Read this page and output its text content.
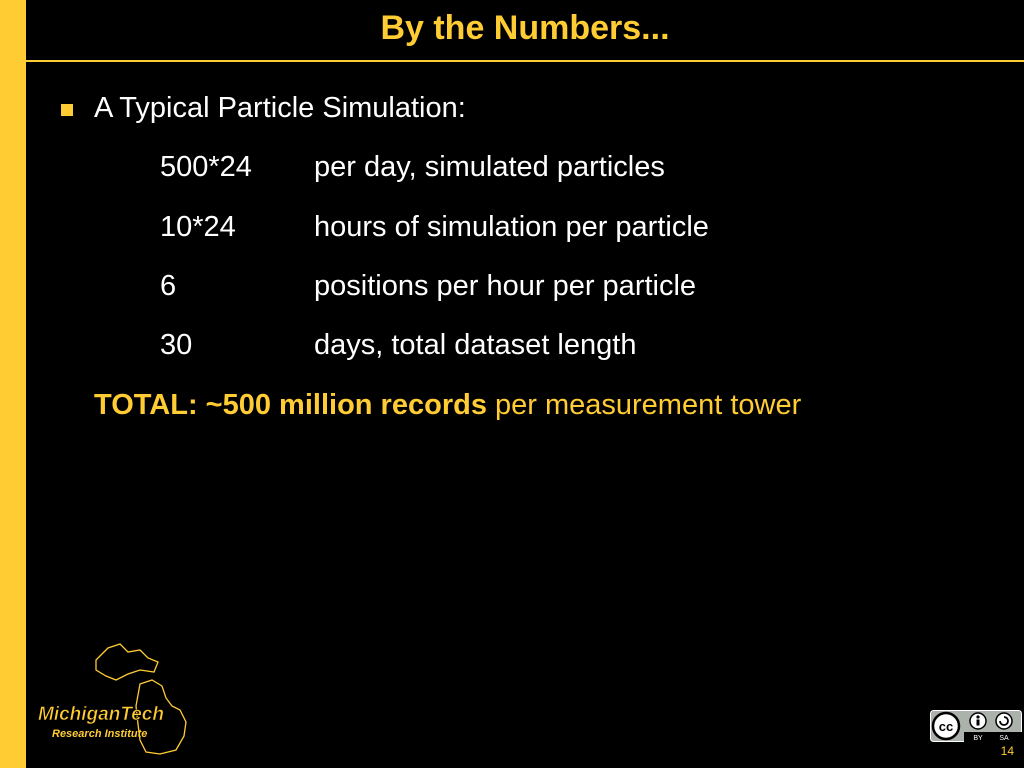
By the Numbers...
A Typical Particle Simulation:
500*24 per day, simulated particles
10*24	hours of simulation per particle
6	positions per hour per particle
30	days, total dataset length
TOTAL: ~500 million records per measurement tower
MichiganTech
Research Institute	cc
BY SA
14
